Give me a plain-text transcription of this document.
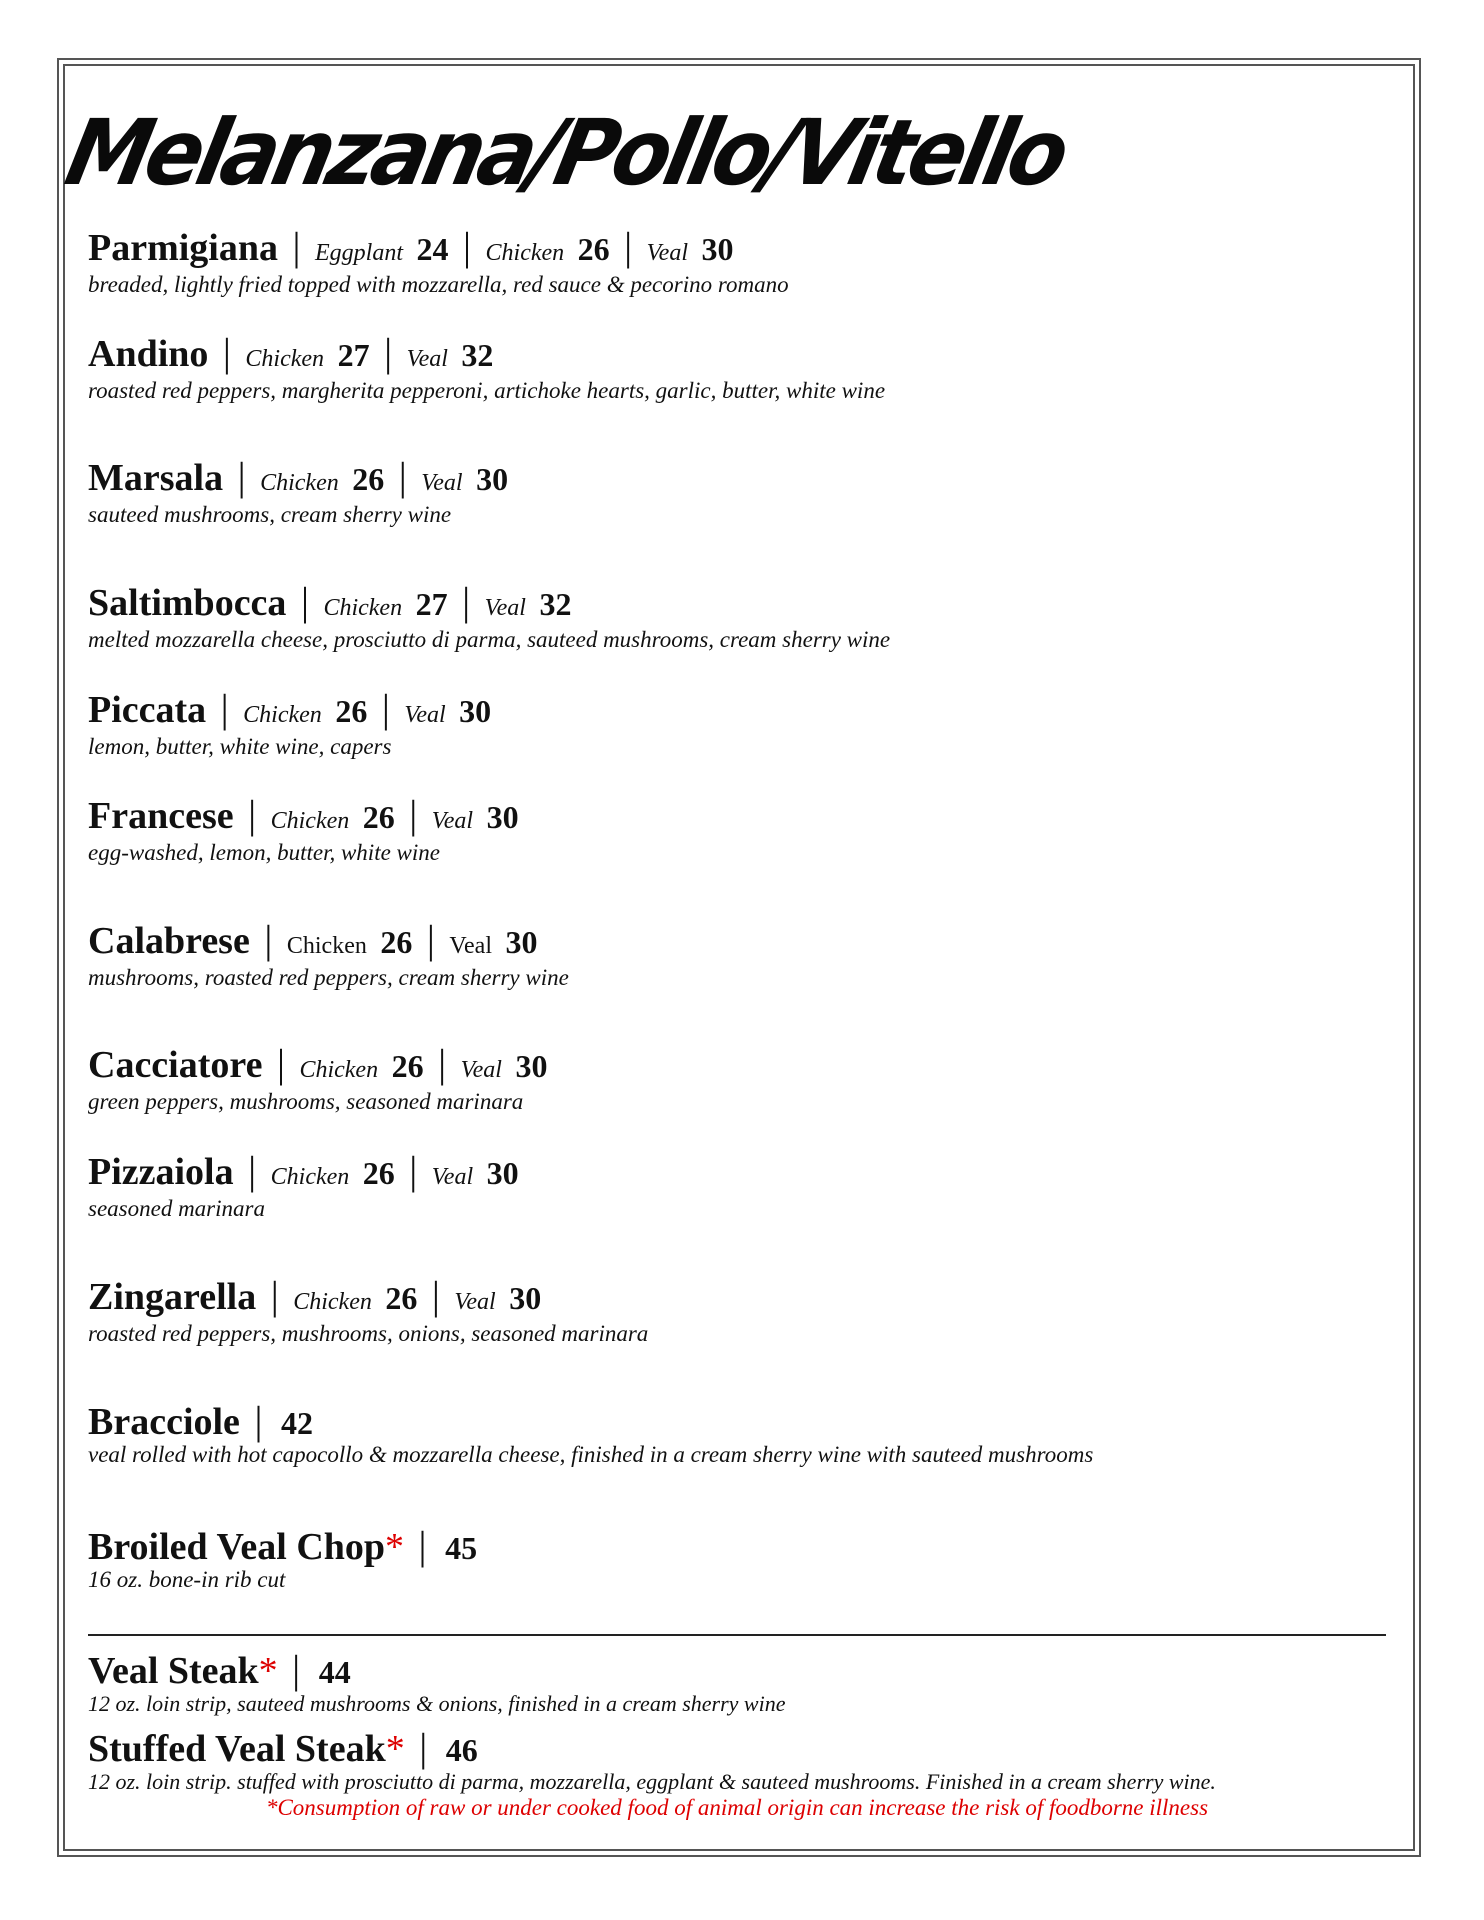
Melanzana/Pollo/Vitello
Parmigiana | Eggplant 24 | Chicken 26 | Veal 30
breaded, lightly fried topped with mozzarella, red sauce & pecorino romano
Andino | Chicken 27 | Veal 32
roasted red peppers, margherita pepperoni, artichoke hearts, garlic, butter, white wine
Marsala | Chicken 26 | Veal 30
sauteed mushrooms, cream sherry wine
Saltimbocca | Chicken 27 | Veal 32
melted mozzarella cheese, prosciutto di parma, sauteed mushrooms, cream sherry wine
Piccata | Chicken 26 | Veal 30
lemon, butter, white wine, capers
Francese | Chicken 26 | Veal 30
egg-washed, lemon, butter, white wine
Calabrese | Chicken 26 | Veal 30
mushrooms, roasted red peppers, cream sherry wine
Cacciatore | Chicken 26 | Veal 30
green peppers, mushrooms, seasoned marinara
Pizzaiola | Chicken 26 | Veal 30
seasoned marinara
Zingarella | Chicken 26 | Veal 30
roasted red peppers, mushrooms, onions, seasoned marinara
Bracciole | 42
veal rolled with hot capocollo & mozzarella cheese, finished in a cream sherry wine with sauteed mushrooms
Broiled Veal Chop* | 45
16 oz. bone-in rib cut
Veal Steak* | 44
12 oz. loin strip, sauteed mushrooms & onions, finished in a cream sherry wine
Stuffed Veal Steak* | 46
12 oz. loin strip. stuffed with prosciutto di parma, mozzarella, eggplant & sauteed mushrooms. Finished in a cream sherry wine.
*Consumption of raw or under cooked food of animal origin can increase the risk of foodborne illness
